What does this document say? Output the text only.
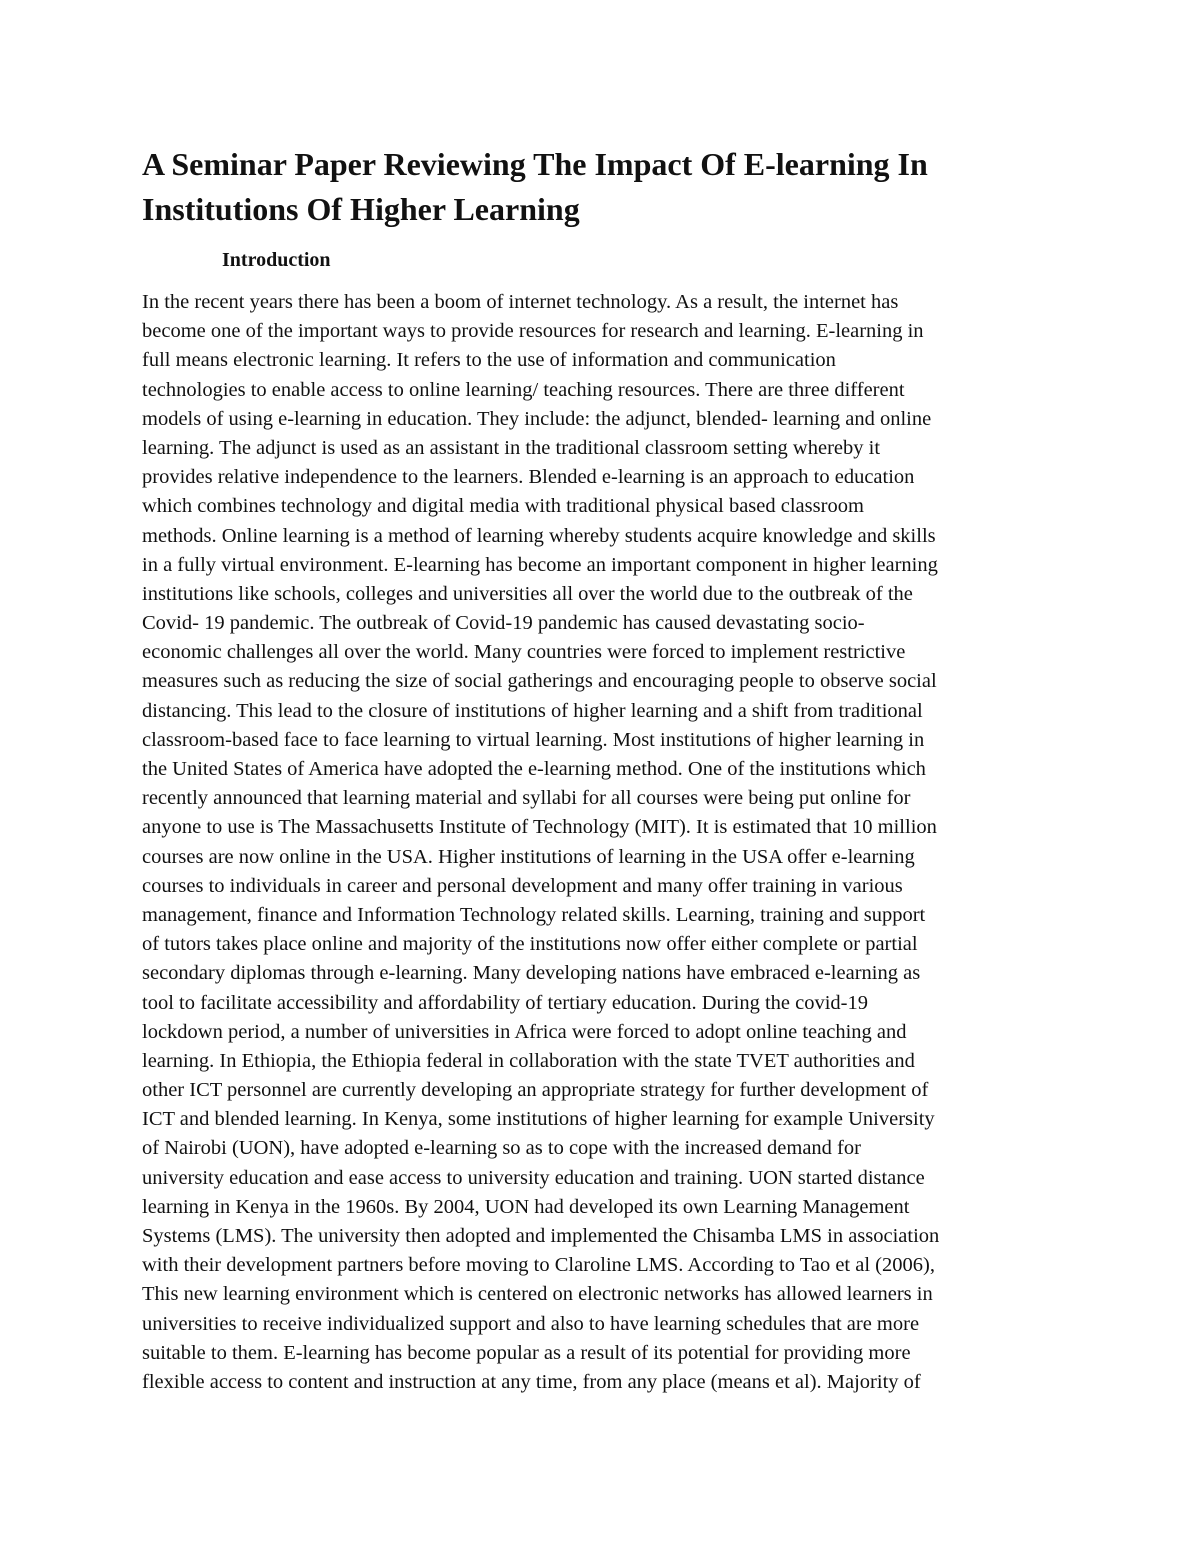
A Seminar Paper Reviewing The Impact Of E-learning In
Institutions Of Higher Learning
Introduction
In the recent years there has been a boom of internet technology. As a result, the internet has
become one of the important ways to provide resources for research and learning. E-learning in
full means electronic learning. It refers to the use of information and communication
technologies to enable access to online learning/ teaching resources. There are three different
models of using e-learning in education. They include: the adjunct, blended- learning and online
learning. The adjunct is used as an assistant in the traditional classroom setting whereby it
provides relative independence to the learners. Blended e-learning is an approach to education
which combines technology and digital media with traditional physical based classroom
methods. Online learning is a method of learning whereby students acquire knowledge and skills
in a fully virtual environment. E-learning has become an important component in higher learning
institutions like schools, colleges and universities all over the world due to the outbreak of the
Covid- 19 pandemic. The outbreak of Covid-19 pandemic has caused devastating socio-
economic challenges all over the world. Many countries were forced to implement restrictive
measures such as reducing the size of social gatherings and encouraging people to observe social
distancing. This lead to the closure of institutions of higher learning and a shift from traditional
classroom-based face to face learning to virtual learning. Most institutions of higher learning in
the United States of America have adopted the e-learning method. One of the institutions which
recently announced that learning material and syllabi for all courses were being put online for
anyone to use is The Massachusetts Institute of Technology (MIT). It is estimated that 10 million
courses are now online in the USA. Higher institutions of learning in the USA offer e-learning
courses to individuals in career and personal development and many offer training in various
management, finance and Information Technology related skills. Learning, training and support
of tutors takes place online and majority of the institutions now offer either complete or partial
secondary diplomas through e-learning. Many developing nations have embraced e-learning as
tool to facilitate accessibility and affordability of tertiary education. During the covid-19
lockdown period, a number of universities in Africa were forced to adopt online teaching and
learning. In Ethiopia, the Ethiopia federal in collaboration with the state TVET authorities and
other ICT personnel are currently developing an appropriate strategy for further development of
ICT and blended learning. In Kenya, some institutions of higher learning for example University
of Nairobi (UON), have adopted e-learning so as to cope with the increased demand for
university education and ease access to university education and training. UON started distance
learning in Kenya in the 1960s. By 2004, UON had developed its own Learning Management
Systems (LMS). The university then adopted and implemented the Chisamba LMS in association
with their development partners before moving to Claroline LMS. According to Tao et al (2006),
This new learning environment which is centered on electronic networks has allowed learners in
universities to receive individualized support and also to have learning schedules that are more
suitable to them. E-learning has become popular as a result of its potential for providing more
flexible access to content and instruction at any time, from any place (means et al). Majority of
